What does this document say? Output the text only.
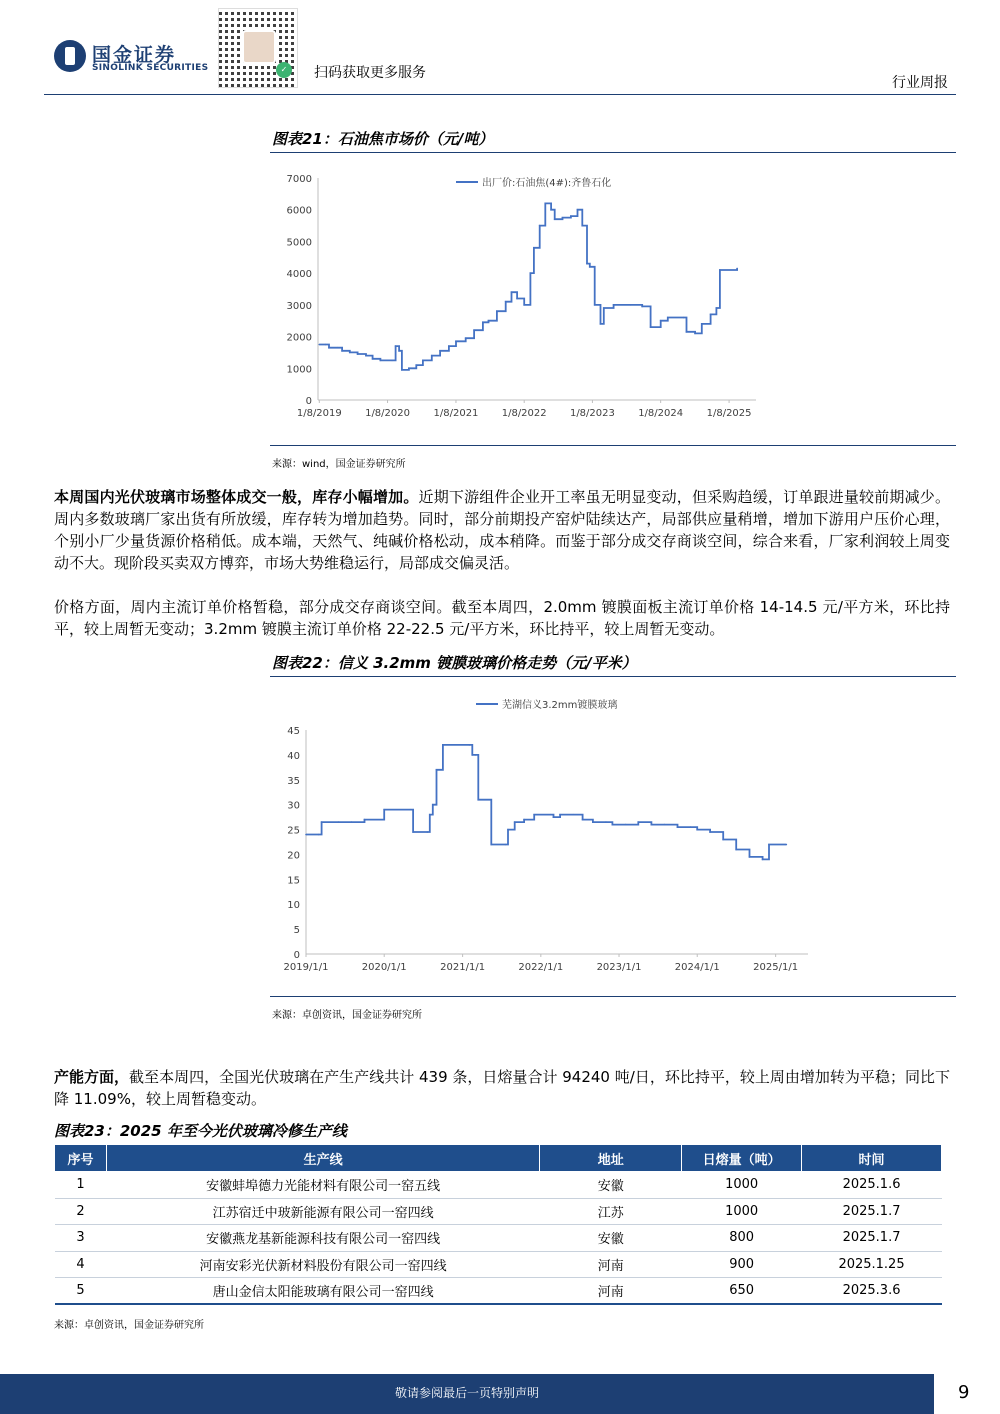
国金证券
SINOLINK SECURITIES	✓	扫码获取更多服务
行业周报
图表21：石油焦市场价（元/吨）
0
1000
2000
3000
4000
5000
6000
7000
1/8/2019 1/8/2020 1/8/2021 1/8/2022 1/8/2023 1/8/2024 1/8/2025
出厂价:石油焦(4#):齐鲁石化
来源：wind，国金证券研究所
本周国内光伏玻璃市场整体成交一般，库存小幅增加。近期下游组件企业开工率虽无明显变动，但采购趋缓，订单跟进量较前期减少。周内多数玻璃厂家出货有所放缓，库存转为增加趋势。同时，部分前期投产窑炉陆续达产，局部供应量稍增，增加下游用户压价心理，个别小厂少量货源价格稍低。成本端，天然气、纯碱价格松动，成本稍降。而鉴于部分成交存商谈空间，综合来看，厂家利润较上周变动不大。现阶段买卖双方博弈，市场大势维稳运行，局部成交偏灵活。
价格方面，周内主流订单价格暂稳，部分成交存商谈空间。截至本周四，2.0mm 镀膜面板主流订单价格 14-14.5 元/平方米，环比持平，较上周暂无变动；3.2mm 镀膜主流订单价格 22-22.5 元/平方米，环比持平，较上周暂无变动。
图表22：信义 3.2mm 镀膜玻璃价格走势（元/平米）
0
5
10
15
20
25
30
35
40
45
2019/1/1	2020/1/1	2021/1/1	2022/1/1	2023/1/1	2024/1/1	2025/1/1
芜湖信义3.2mm镀膜玻璃
来源：卓创资讯，国金证券研究所
产能方面，截至本周四，全国光伏玻璃在产生产线共计 439 条，日熔量合计 94240 吨/日，环比持平，较上周由增加转为平稳；同比下降 11.09%，较上周暂稳变动。
图表23：2025 年至今光伏玻璃冷修生产线
序号	生产线	地址	日熔量（吨）	时间
1	安徽蚌埠德力光能材料有限公司一窑五线	安徽	1000	2025.1.6
2	江苏宿迁中玻新能源有限公司一窑四线	江苏	1000	2025.1.7
3	安徽燕龙基新能源科技有限公司一窑四线	安徽	800	2025.1.7
4	河南安彩光伏新材料股份有限公司一窑四线	河南	900	2025.1.25
5	唐山金信太阳能玻璃有限公司一窑四线	河南	650	2025.3.6
来源：卓创资讯，国金证券研究所
敬请参阅最后一页特别声明	9
